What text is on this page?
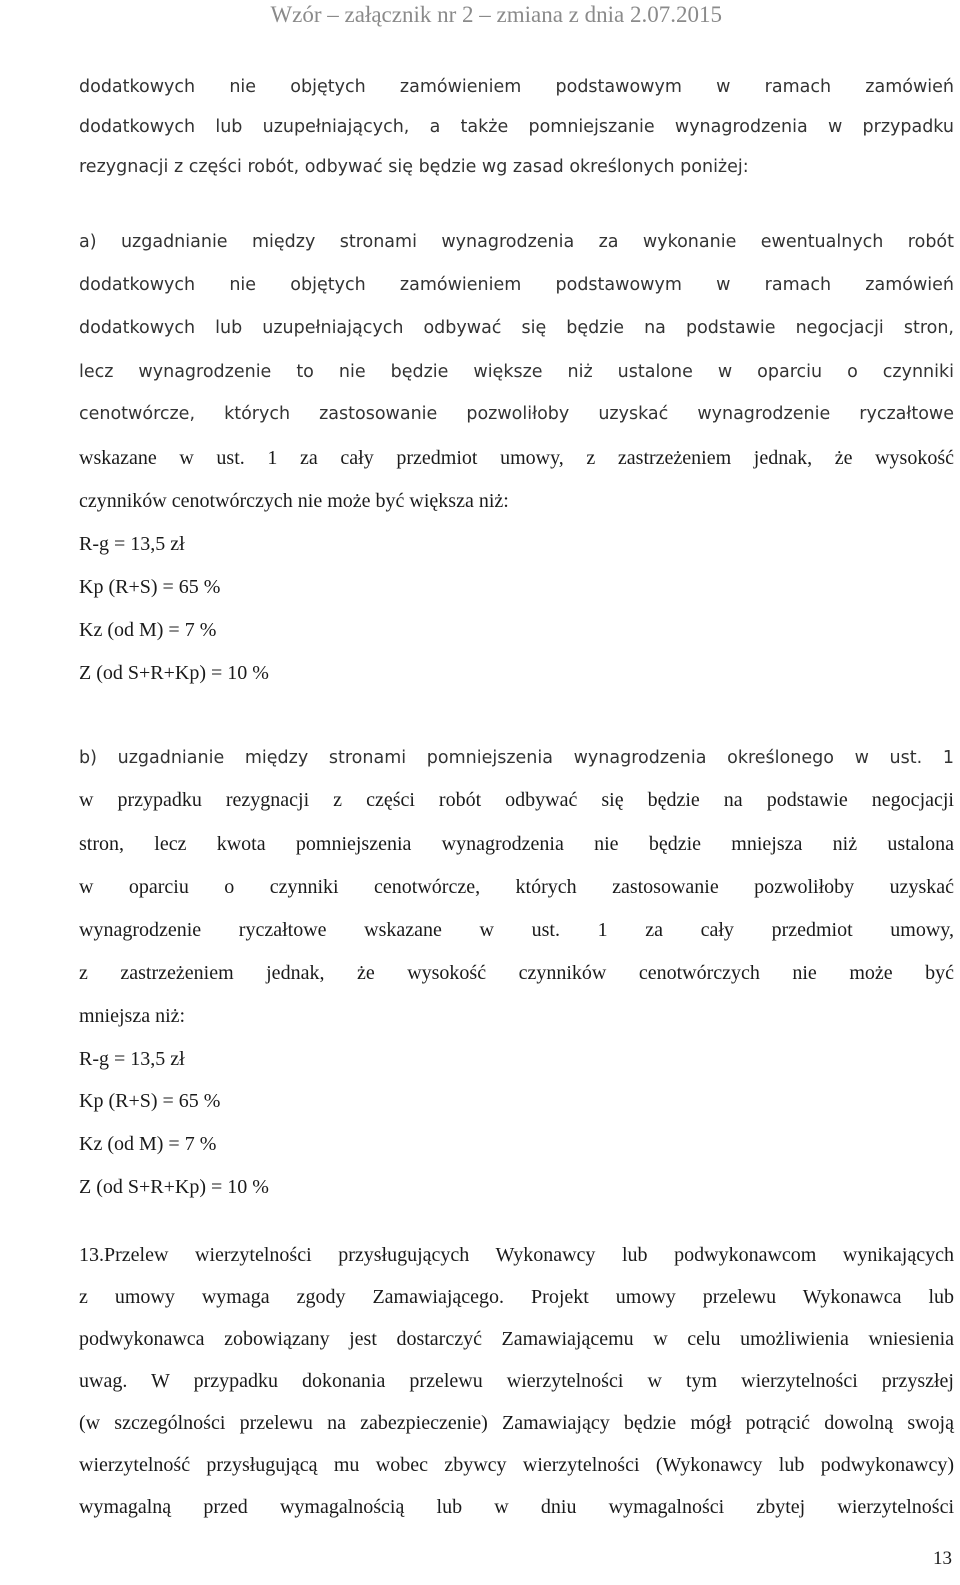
Wzór – załącznik nr 2 – zmiana z dnia 2.07.2015
dodatkowych nie objętych zamówieniem podstawowym w ramach zamówień
dodatkowych lub uzupełniających, a także pomniejszanie wynagrodzenia w przypadku
rezygnacji z części robót, odbywać się będzie wg zasad określonych poniżej:
a) uzgadnianie między stronami wynagrodzenia za wykonanie ewentualnych robót
dodatkowych nie objętych zamówieniem podstawowym w ramach zamówień
dodatkowych lub uzupełniających odbywać się będzie na podstawie negocjacji stron,
lecz wynagrodzenie to nie będzie większe niż ustalone w oparciu o czynniki
cenotwórcze, których zastosowanie pozwoliłoby uzyskać wynagrodzenie ryczałtowe
wskazane w ust. 1 za cały przedmiot umowy, z zastrzeżeniem jednak, że wysokość
czynników cenotwórczych nie może być większa niż:
R-g = 13,5 zł
Kp (R+S) = 65 %
Kz (od M) = 7 %
Z (od S+R+Kp) = 10 %
b) uzgadnianie między stronami pomniejszenia wynagrodzenia określonego w ust. 1
w przypadku rezygnacji z części robót odbywać się będzie na podstawie negocjacji
stron, lecz kwota pomniejszenia wynagrodzenia nie będzie mniejsza niż ustalona
w oparciu o czynniki cenotwórcze, których zastosowanie pozwoliłoby uzyskać
wynagrodzenie ryczałtowe wskazane w ust. 1 za cały przedmiot umowy,
z zastrzeżeniem jednak, że wysokość czynników cenotwórczych nie może być
mniejsza niż:
R-g = 13,5 zł
Kp (R+S) = 65 %
Kz (od M) = 7 %
Z (od S+R+Kp) = 10 %
13.Przelew wierzytelności przysługujących Wykonawcy lub podwykonawcom wynikających
z umowy wymaga zgody Zamawiającego. Projekt umowy przelewu Wykonawca lub
podwykonawca zobowiązany jest dostarczyć Zamawiającemu w celu umożliwienia wniesienia
uwag. W przypadku dokonania przelewu wierzytelności w tym wierzytelności przyszłej
(w szczególności przelewu na zabezpieczenie) Zamawiający będzie mógł potrącić dowolną swoją
wierzytelność przysługującą mu wobec zbywcy wierzytelności (Wykonawcy lub podwykonawcy)
wymagalną przed wymagalnością lub w dniu wymagalności zbytej wierzytelności
13
